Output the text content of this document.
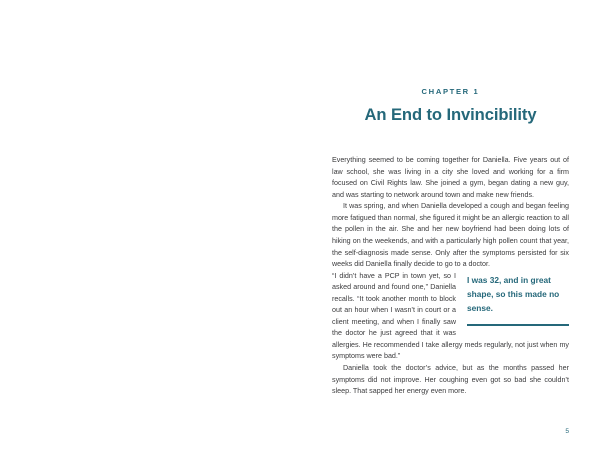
CHAPTER 1
An End to Invincibility

Everything seemed to be coming together for Daniella. Five years out of law school, she was living in a city she loved and working for a firm focused on Civil Rights law. She joined a gym, began dating a new guy, and was starting to network around town and make new friends.

It was spring, and when Daniella developed a cough and began feeling more fatigued than normal, she figured it might be an allergic reaction to all the pollen in the air. She and her new boyfriend had been doing lots of hiking on the weekends, and with a particularly high pollen count that year, the self-diagnosis made sense. Only after the symptoms persisted for six weeks did Daniella finally decide to go to a doctor.

I was 32, and in great shape, so this made no sense.

“I didn’t have a PCP in town yet, so I asked around and found one,” Daniella recalls. “It took another month to block out an hour when I wasn’t in court or a client meeting, and when I finally saw the doctor he just agreed that it was allergies. He recommended I take allergy meds regularly, not just when my symptoms were bad.”

Daniella took the doctor’s advice, but as the months passed her symptoms did not improve. Her coughing even got so bad she couldn’t sleep. That sapped her energy even more.

5
